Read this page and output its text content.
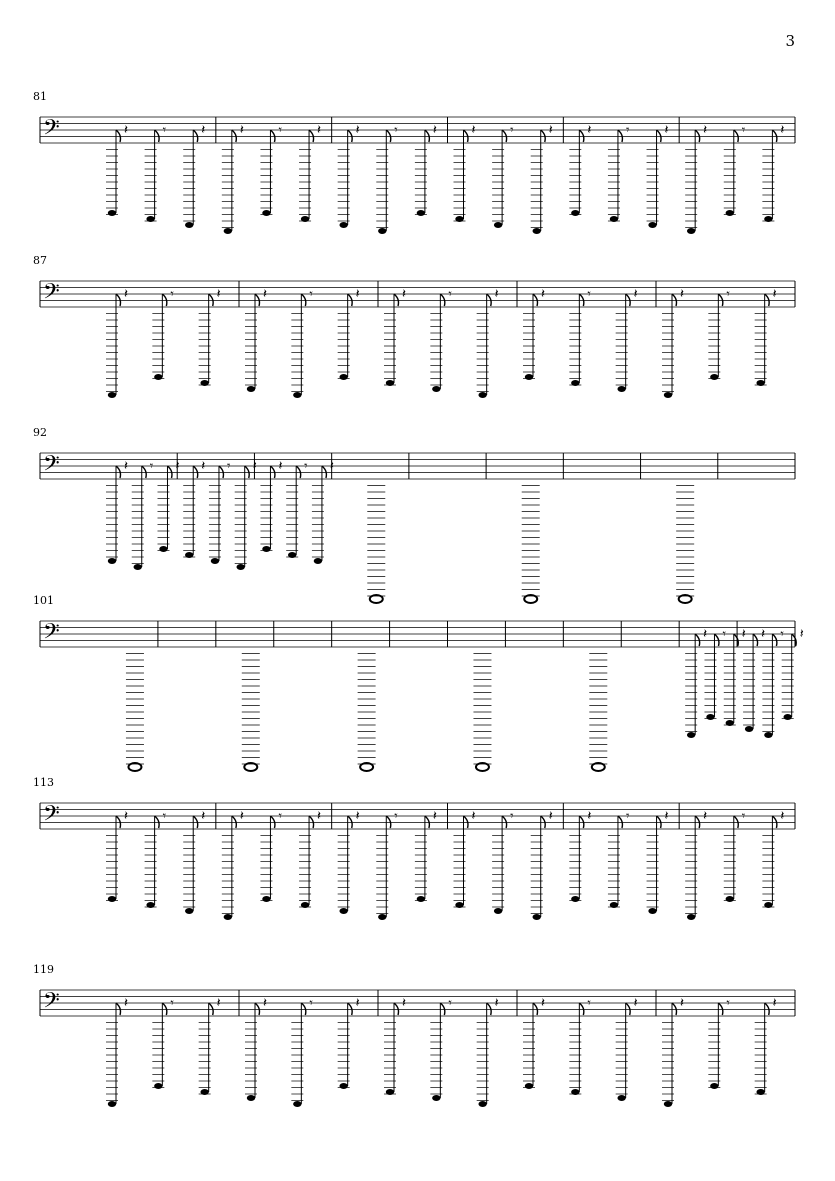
3
81
𝄢	𝄽	𝄾	𝄽	𝄽	𝄾	𝄽	𝄽	𝄾	𝄽	𝄽	𝄾	𝄽	𝄽	𝄾	𝄽	𝄽	𝄾	𝄽
87
𝄢	𝄽	𝄾	𝄽	𝄽	𝄾	𝄽	𝄽	𝄾	𝄽	𝄽	𝄾	𝄽	𝄽	𝄾	𝄽
92
𝄢	𝄽 𝄾 𝄽 𝄽 𝄾 𝄽 𝄽 𝄾 𝄽
101
𝄢	𝄽 𝄾 𝄽 𝄽 𝄾 𝄽
113
𝄢	𝄽	𝄾	𝄽	𝄽	𝄾	𝄽	𝄽	𝄾	𝄽	𝄽	𝄾	𝄽	𝄽	𝄾	𝄽	𝄽	𝄾	𝄽
119
𝄢	𝄽	𝄾	𝄽	𝄽	𝄾	𝄽	𝄽	𝄾	𝄽	𝄽	𝄾	𝄽	𝄽	𝄾	𝄽
